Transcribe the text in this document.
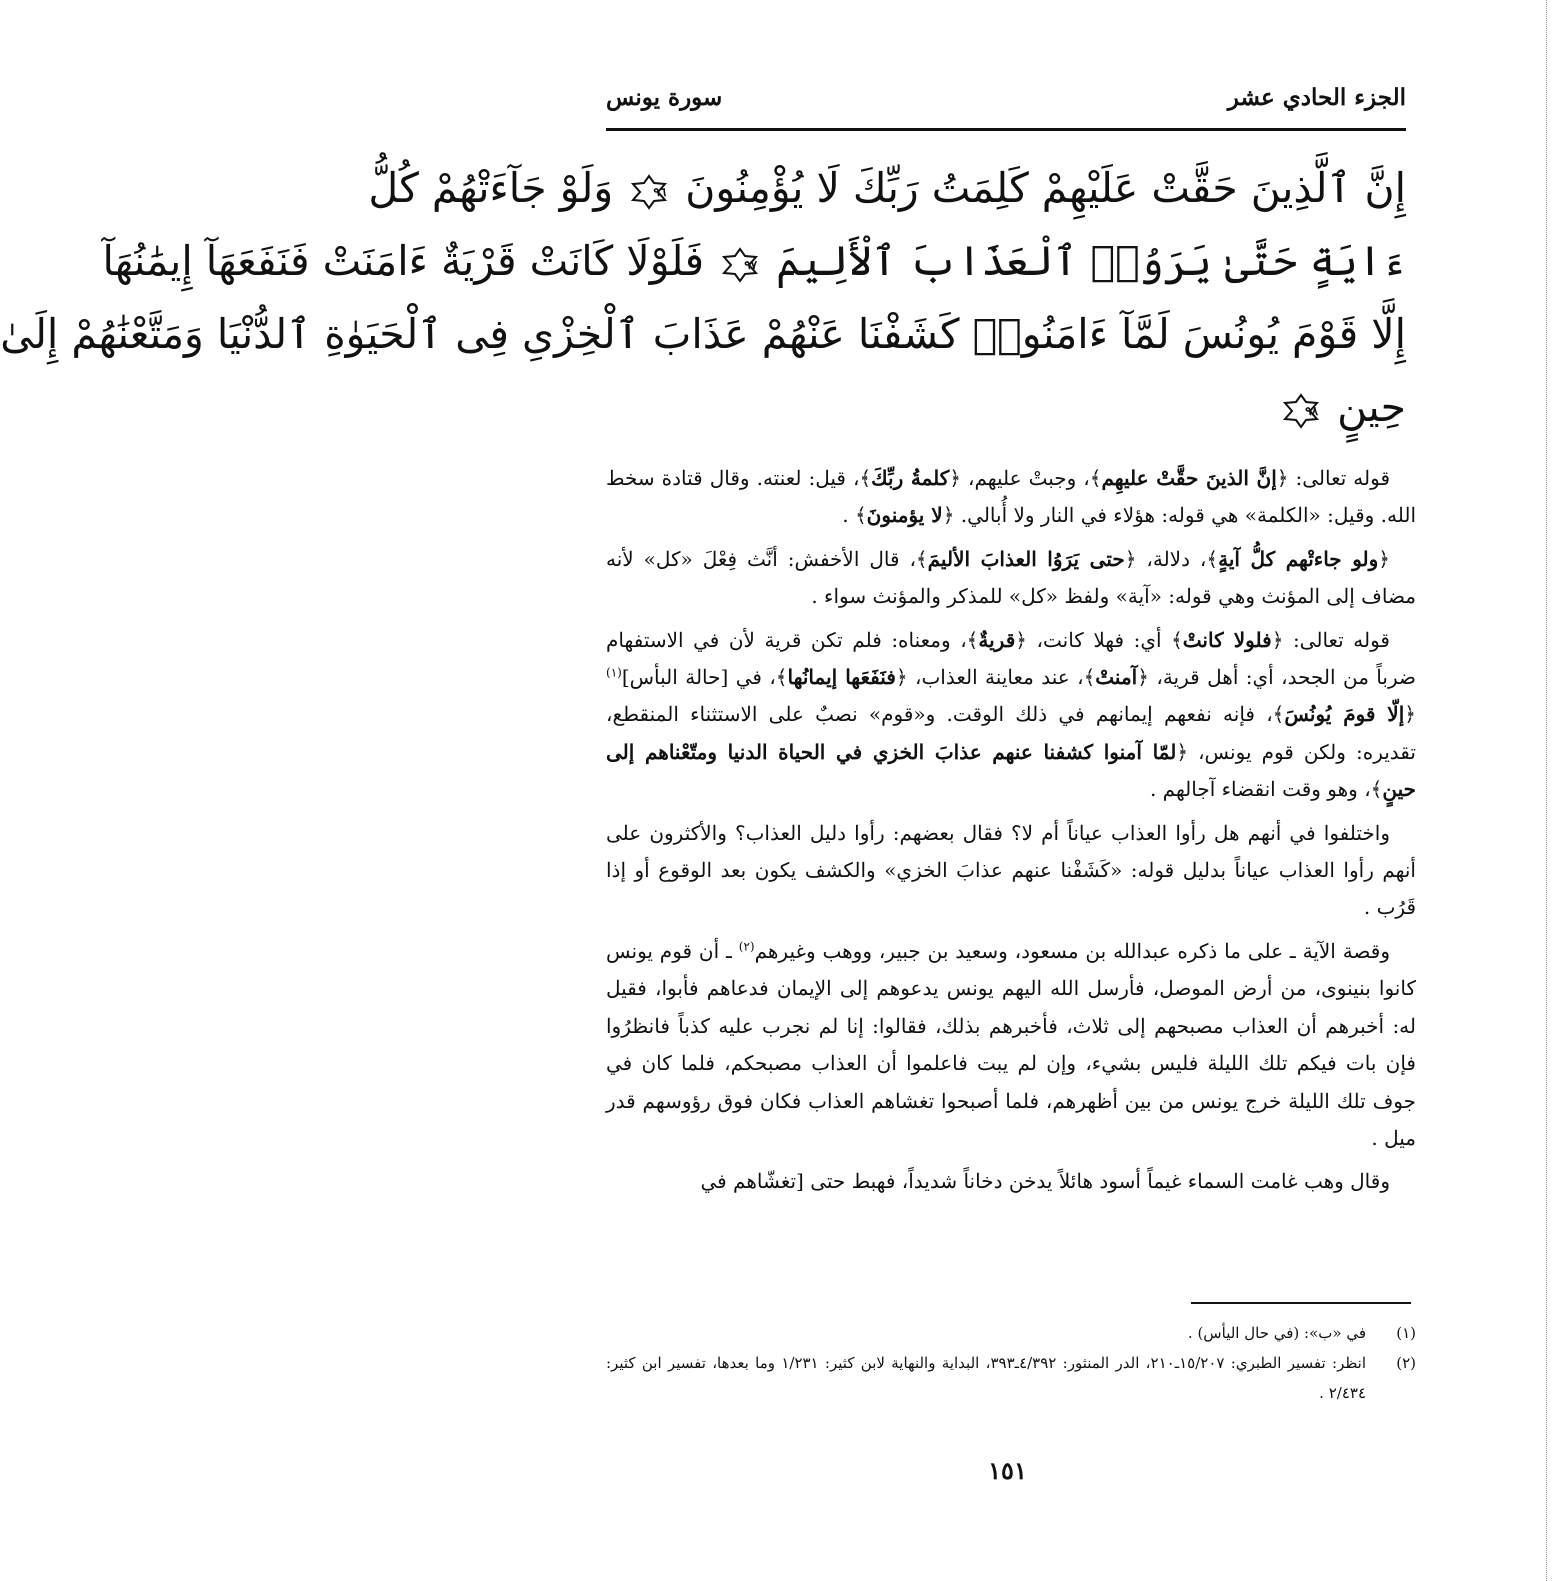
الجزء الحادي عشر
سورة يونس
إِنَّ ٱلَّذِينَ حَقَّتْ عَلَيْهِمْ كَلِمَتُ رَبِّكَ لَا يُؤْمِنُونَ
٩٦
وَلَوْ جَآءَتْهُمْ كُلُّ
ءَايَةٍ حَتَّىٰ يَرَوُا۟ ٱلْعَذَابَ ٱلْأَلِيمَ
٩٧
فَلَوْلَا كَانَتْ قَرْيَةٌ ءَامَنَتْ فَنَفَعَهَآ إِيمَٰنُهَآ
إِلَّا قَوْمَ يُونُسَ لَمَّآ ءَامَنُوا۟ كَشَفْنَا عَنْهُمْ عَذَابَ ٱلْخِزْىِ فِى ٱلْحَيَوٰةِ ٱلدُّنْيَا وَمَتَّعْنَٰهُمْ إِلَىٰ
حِينٍ
٩٨

قوله تعالى: ﴿إنَّ الذينَ حقَّتْ عليهِم﴾، وجبتْ عليهم، ﴿كلمةُ ربِّكَ﴾، قيل: لعنته. وقال قتادة سخط الله. وقيل: «الكلمة» هي قوله: هؤلاء في النار ولا أُبالي. ﴿لا يؤمنونَ﴾ .

﴿ولو جاءتْهم كلُّ آيةٍ﴾، دلالة، ﴿حتى يَرَوُا العذابَ الأليمَ﴾، قال الأخفش: أنَّث فِعْلَ «كل» لأنه مضاف إلى المؤنث وهي قوله: «آية» ولفظ «كل» للمذكر والمؤنث سواء .

قوله تعالى: ﴿فلولا كانتْ﴾ أي: فهلا كانت، ﴿قريةٌ﴾، ومعناه: فلم تكن قرية لأن في الاستفهام ضرباً من الجحد، أي: أهل قرية، ﴿آمنتْ﴾، عند معاينة العذاب، ﴿فنَفَعَها إيمانُها﴾، في [حالة البأس]$^{(١)}$ ﴿إلّا قومَ يُونُسَ﴾، فإنه نفعهم إيمانهم في ذلك الوقت. و«قوم» نصبٌ على الاستثناء المنقطع، تقديره: ولكن قوم يونس، ﴿لمّا آمنوا كشفنا عنهم عذابَ الخزي في الحياة الدنيا ومتّعْناهم إلى حينٍ﴾، وهو وقت انقضاء آجالهم .

واختلفوا في أنهم هل رأوا العذاب عياناً أم لا؟ فقال بعضهم: رأوا دليل العذاب؟ والأكثرون على أنهم رأوا العذاب عياناً بدليل قوله: «كَشَفْنا عنهم عذابَ الخزي» والكشف يكون بعد الوقوع أو إذا قَرُب .

وقصة الآية ـ على ما ذكره عبدالله بن مسعود، وسعيد بن جبير، ووهب وغيرهم$^{(٢)}$ ـ أن قوم يونس كانوا بنينوى، من أرض الموصل، فأرسل الله اليهم يونس يدعوهم إلى الإيمان فدعاهم فأبوا، فقيل له: أخبرهم أن العذاب مصبحهم إلى ثلاث، فأخبرهم بذلك، فقالوا: إنا لم نجرب عليه كذباً فانظرُوا فإن بات فيكم تلك الليلة فليس بشيء، وإن لم يبت فاعلموا أن العذاب مصبحكم، فلما كان في جوف تلك الليلة خرج يونس من بين أظهرهم، فلما أصبحوا تغشاهم العذاب فكان فوق رؤوسهم قدر ميل .

وقال وهب غامت السماء غيماً أسود هائلاً يدخن دخاناً شديداً، فهبط حتى [تغشّاهم في

(١)
في «ب»: (في حال اليأس) .
(٢)
انظر: تفسير الطبري: ١٥/٢٠٧ـ٢١٠، الدر المنثور: ٤/٣٩٢ـ٣٩٣، البداية والنهاية لابن كثير: ١/٢٣١ وما بعدها، تفسير ابن كثير: ٢/٤٣٤ .
١٥١
